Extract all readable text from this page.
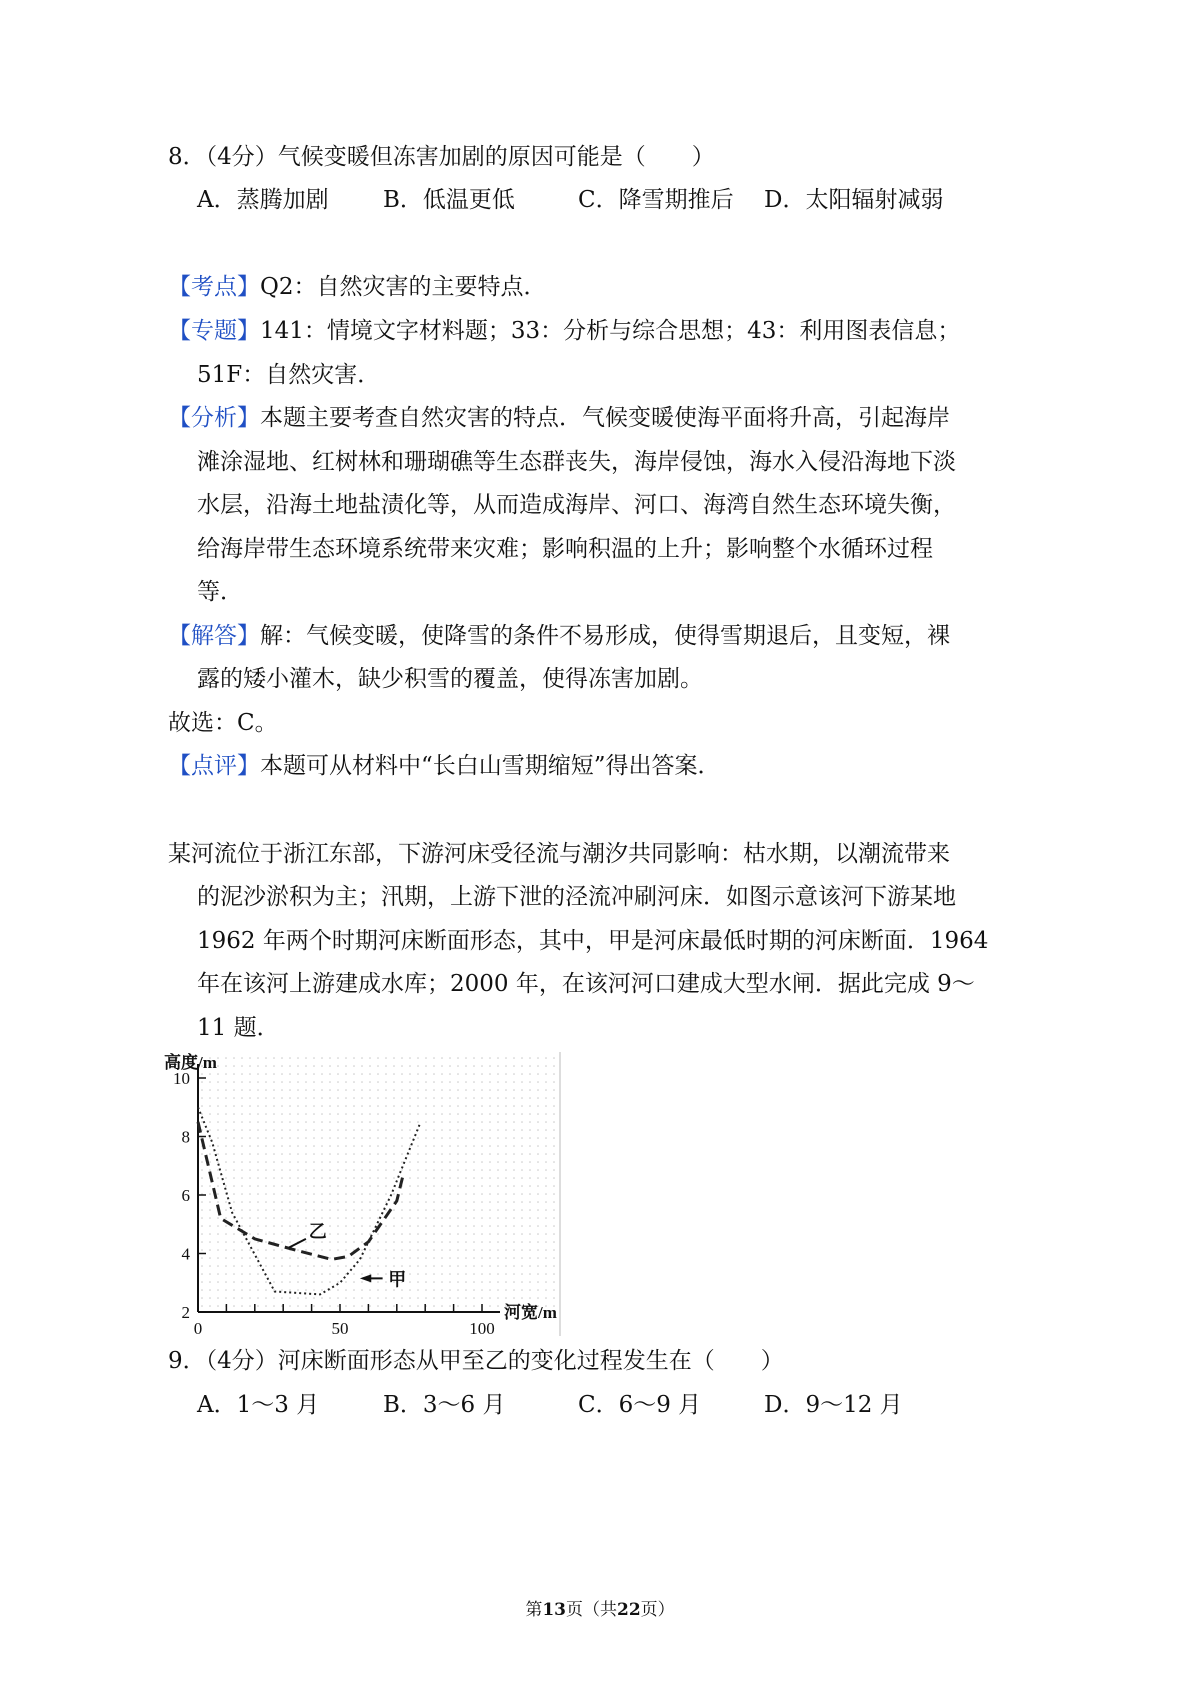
8．（4分）气候变暖但冻害加剧的原因可能是（　　）
A．蒸腾加剧 B．低温更低	C．降雪期推后 D．太阳辐射减弱
【考点】Q2：自然灾害的主要特点．
【专题】141：情境文字材料题；33：分析与综合思想；43：利用图表信息；
51F：自然灾害．
【分析】本题主要考查自然灾害的特点．气候变暖使海平面将升高，引起海岸
滩涂湿地、红树林和珊瑚礁等生态群丧失，海岸侵蚀，海水入侵沿海地下淡
水层，沿海土地盐渍化等，从而造成海岸、河口、海湾自然生态环境失衡，
给海岸带生态环境系统带来灾难；影响积温的上升；影响整个水循环过程
等．
【解答】解：气候变暖，使降雪的条件不易形成，使得雪期退后，且变短，裸
露的矮小灌木，缺少积雪的覆盖，使得冻害加剧。
故选：C。
【点评】本题可从材料中“长白山雪期缩短”得出答案．
某河流位于浙江东部，下游河床受径流与潮汐共同影响：枯水期，以潮流带来
的泥沙淤积为主；汛期，上游下泄的泾流冲刷河床．如图示意该河下游某地
1962 年两个时期河床断面形态，其中，甲是河床最低时期的河床断面．1964
年在该河上游建成水库；2000 年，在该河河口建成大型水闸．据此完成 9～
11 题．
2
4
6
8
10
0	50	100
高度/m
河宽/m
甲
乙
9．（4分）河床断面形态从甲至乙的变化过程发生在（　　）
A．1～3 月	B．3～6 月	C．6～9 月	D．9～12 月
第13页（共22页）
